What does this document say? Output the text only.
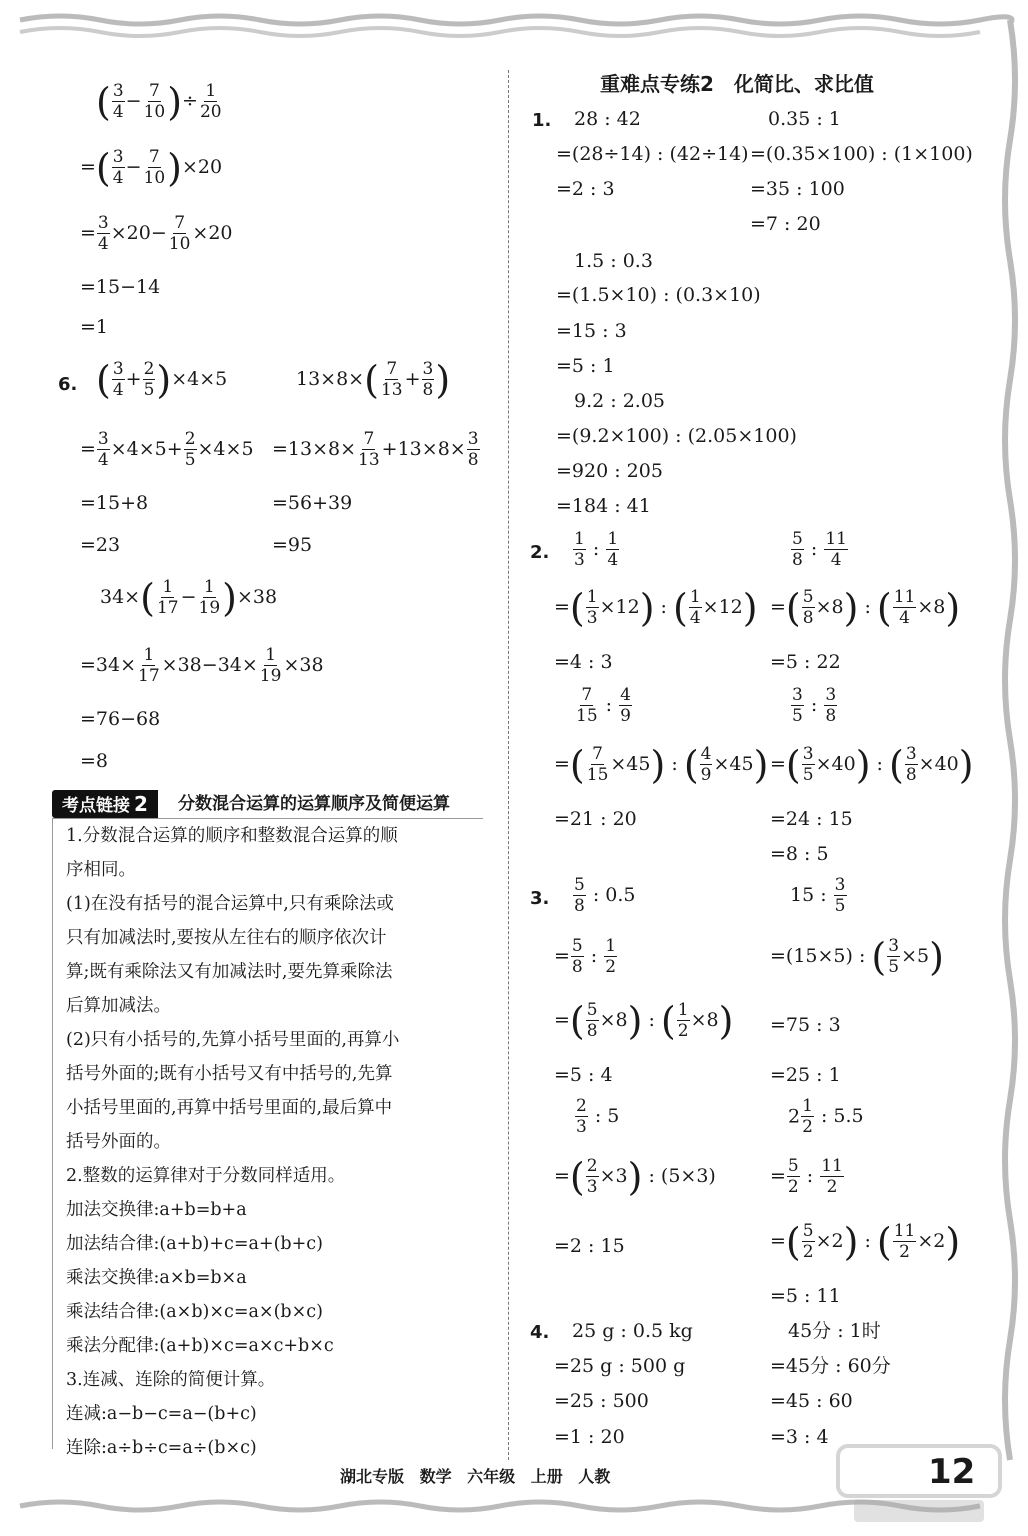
( $\frac{3}{4} - \frac{7}{10}$ )÷ $\frac{1}{20}$
=( $\frac{3}{4} - \frac{7}{10} )\times 20$
= $\frac{3}{4} \times 20- \frac{7}{10} \times 20$
=15−14
=1
6. ( $\frac{3}{4} + \frac{2}{5} )\times 4\times 5$
= $\frac{3}{4} \times 4\times 5+ \frac{2}{5} \times 4\times 5$
=15+8
=23
$13\times 8\times( \frac{7}{13} + \frac{3}{8}$ )
$=13\times 8\times \frac{7}{13} +13\times 8\times \frac{3}{8}$
=56+39
=95
$34\times( \frac{1}{17} - \frac{1}{19} )\times 38$
$=34\times \frac{1}{17} \times 38-34\times \frac{1}{19} \times 38$
=76−68
=8
考点链接 2	分数混合运算的运算顺序及简便运算
1.分数混合运算的顺序和整数混合运算的顺
序相同。
(1)在没有括号的混合运算中,只有乘除法或
只有加减法时,要按从左往右的顺序依次计
算;既有乘除法又有加减法时,要先算乘除法
后算加减法。
(2)只有小括号的,先算小括号里面的,再算小
括号外面的;既有小括号又有中括号的,先算
小括号里面的,再算中括号里面的,最后算中
括号外面的。
2.整数的运算律对于分数同样适用。
加法交换律:a+b=b+a
加法结合律:(a+b)+c=a+(b+c)
乘法交换律:a×b=b×a
乘法结合律:(a×b)×c=a×(b×c)
乘法分配律:(a+b)×c=a×c+b×c
3.连减、连除的简便计算。
连减:a−b−c=a−(b+c)
连除:a÷b÷c=a÷(b×c)
重难点专练2　化简比、求比值
1. 28 : 42
=(28÷14) : (42÷14)
=2 : 3
0.35 : 1
=(0.35×100) : (1×100)
=35 : 100
=7 : 20
1.5 : 0.3
=(1.5×10) : (0.3×10)
=15 : 3
=5 : 1
9.2 : 2.05
=(9.2×100) : (2.05×100)
=920 : 205
=184 : 41
2. $\frac{1}{3}$ : $\frac{1}{4}$
=( $\frac{1}{3} \times 12$) : ( $\frac{1}{4} \times 12$)
=4 : 3
$\frac{5}{8}$ : $\frac{11}{4}$
=( $\frac{5}{8} \times 8$) : ( $\frac{11}{4} \times 8$)
=5 : 22
$\frac{7}{15}$ : $\frac{4}{9}$
=( $\frac{7}{15} \times 45$) : ( $\frac{4}{9} \times 45$)
=21 : 20
$\frac{3}{5}$ : $\frac{3}{8}$
=( $\frac{3}{5} \times 40$) : ( $\frac{3}{8} \times 40$)
=24 : 15
=8 : 5
3. $\frac{5}{8}$ : 0.5
= $\frac{5}{8}$ : $\frac{1}{2}$
=( $\frac{5}{8} \times 8$) : ( $\frac{1}{2} \times 8$)
=5 : 4
15 : $\frac{3}{5}$
=(15×5) : ( $\frac{3}{5} \times 5$)
=75 : 3
=25 : 1
$\frac{2}{3}$ : 5
=( $\frac{2}{3} \times 3$) : (5×3)
=2 : 15
$2 \frac{1}{2}$ : 5.5
= $\frac{5}{2}$ : $\frac{11}{2}$
=( $\frac{5}{2} \times 2$) : ( $\frac{11}{2} \times 2$)
=5 : 11
4. 25 g : 0.5 kg
=25 g : 500 g
=25 : 500
=1 : 20
45分 : 1时
=45分 : 60分
=45 : 60
=3 : 4
湖北专版 数学 六年级 上册 人教	12
